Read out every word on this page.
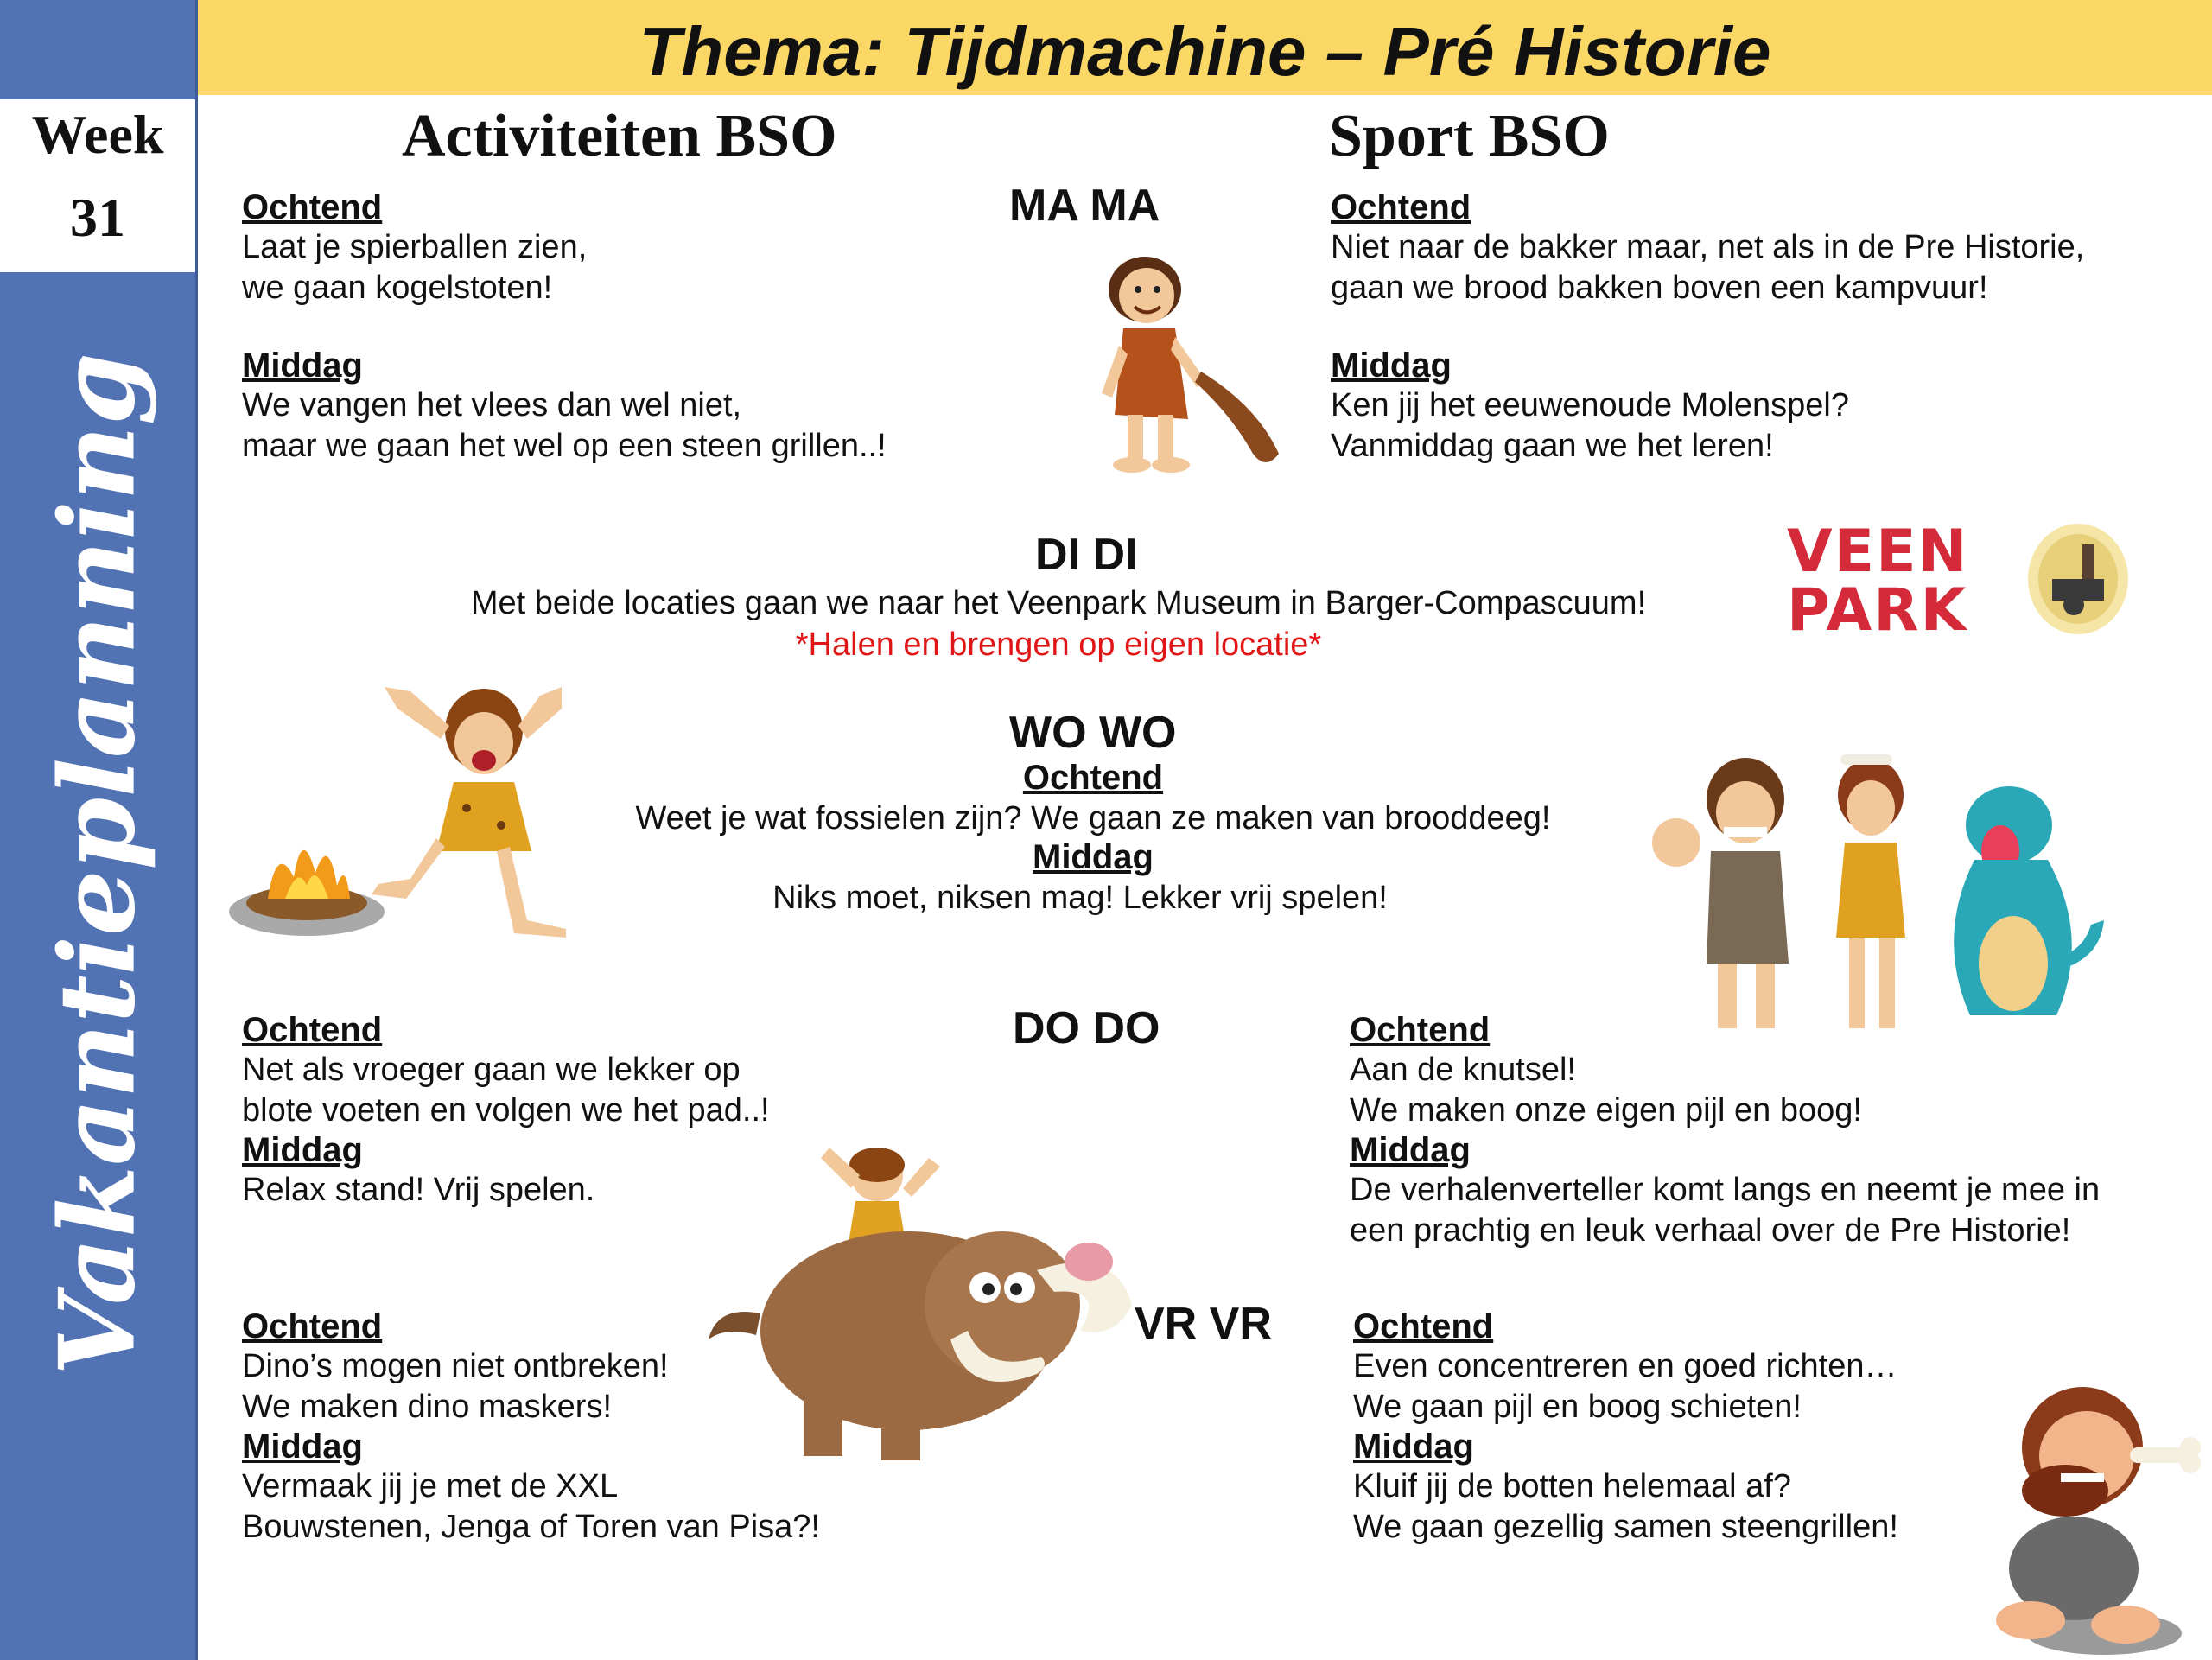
Week
31
Vakantieplanning
Thema: Tijdmachine – Pré Historie
Activiteiten BSO	Sport BSO
MA MA
Ochtend
Laat je spierballen zien,
we gaan kogelstoten!
Middag
We vangen het vlees dan wel niet,
maar we gaan het wel op een steen grillen..!
Ochtend
Niet naar de bakker maar, net als in de Pre Historie,
gaan we brood bakken boven een kampvuur!
Middag
Ken jij het eeuwenoude Molenspel?
Vanmiddag gaan we het leren!
DI DI
Met beide locaties gaan we naar het Veenpark Museum in Barger-Compascuum!
*Halen en brengen op eigen locatie*
VEEN
PARK
WO WO
Ochtend
Weet je wat fossielen zijn? We gaan ze maken van brooddeeg!
Middag
Niks moet, niksen mag! Lekker vrij spelen!
DO DO
Ochtend
Net als vroeger gaan we lekker op
blote voeten en volgen we het pad..!
Middag
Relax stand! Vrij spelen.
Ochtend
Aan de knutsel!
We maken onze eigen pijl en boog!
Middag
De verhalenverteller komt langs en neemt je mee in
een prachtig en leuk verhaal over de Pre Historie!
VR VR
Ochtend
Dino’s mogen niet ontbreken!
We maken dino maskers!
Middag
Vermaak jij je met de XXL
Bouwstenen, Jenga of Toren van Pisa?!
Ochtend
Even concentreren en goed richten…
We gaan pijl en boog schieten!
Middag
Kluif jij de botten helemaal af?
We gaan gezellig samen steengrillen!
